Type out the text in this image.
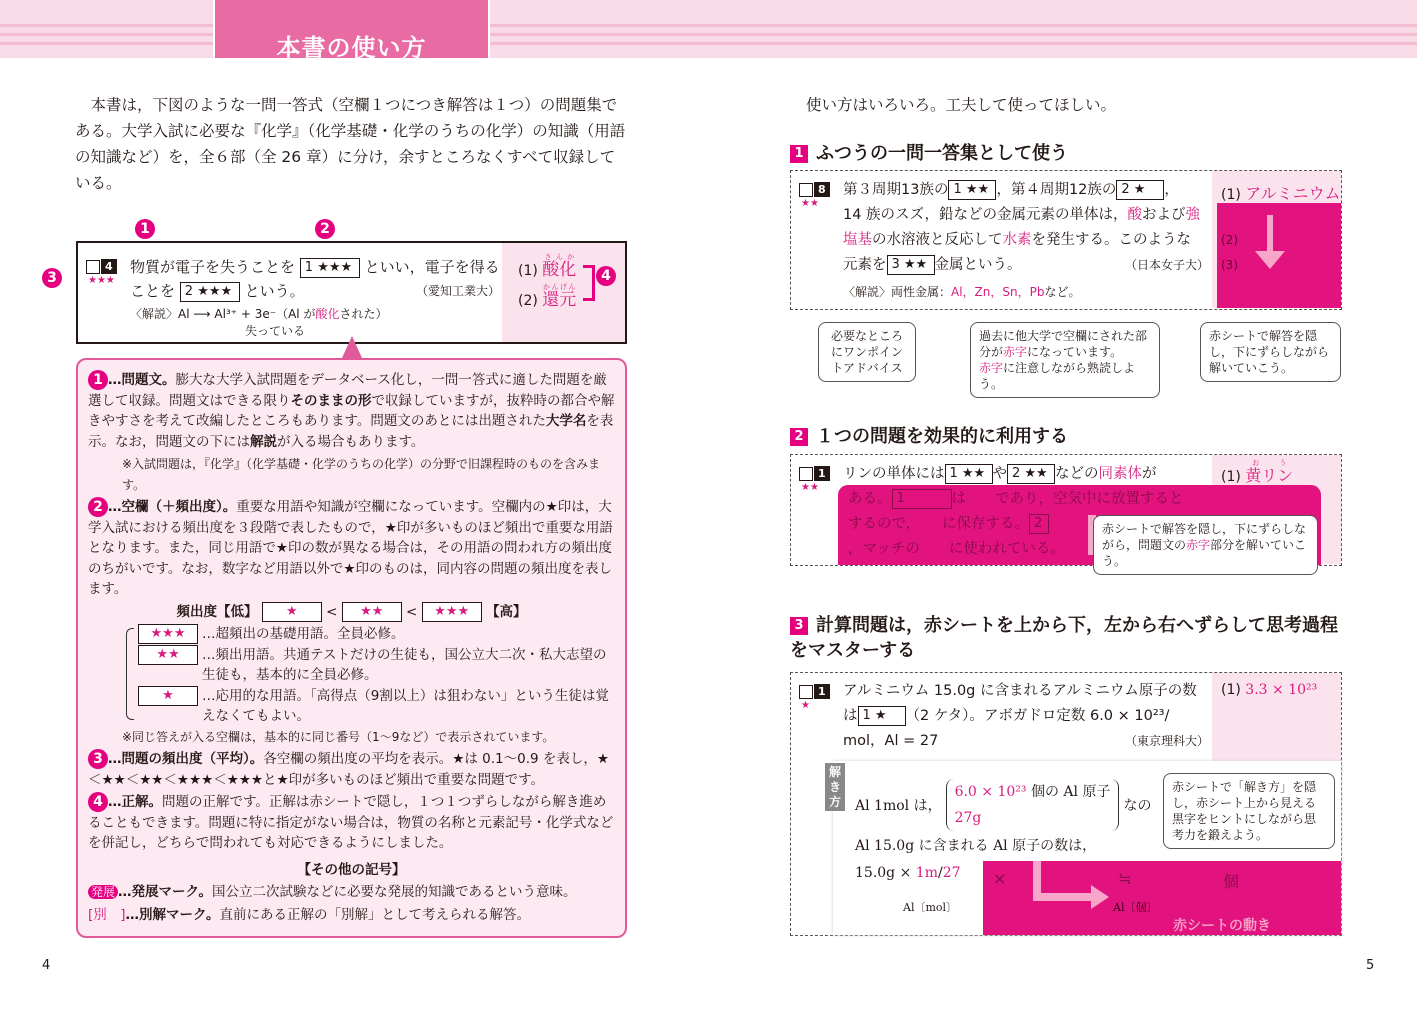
本書の使い方
本書は，下図のような一問一答式（空欄１つにつき解答は１つ）の問題集である。大学入試に必要な『化学』（化学基礎・化学のうちの化学）の知識（用語の知識など）を，全６部（全 26 章）に分け，余すところなくすべて収録している。
4
★★★
物質が電子を失うことを 1 ★★★ といい，電子を得る
ことを 2 ★★★ という。	（愛知工業大）
〈解説〉Al ⟶ Al³⁺ + 3e⁻（Al が酸化された）
失っている
(1) 酸化さんか
(2) 還元かんげん
1	2
3	4

1 …問題文。膨大な大学入試問題をデータベース化し，一問一答式に適した問題を厳選して収録。問題文はできる限りそのままの形で収録していますが，抜粋時の都合や解きやすさを考えて改編したところもあります。問題文のあとには出題された大学名を表示。なお，問題文の下には解説が入る場合もあります。

※入試問題は，『化学』（化学基礎・化学のうちの化学）の分野で旧課程時のものを含みます。

2 …空欄（＋頻出度）。重要な用語や知識が空欄になっています。空欄内の★印は，大学入試における頻出度を３段階で表したもので，★印が多いものほど頻出で重要な用語となります。また，同じ用語で★印の数が異なる場合は，その用語の問われ方の頻出度のちがいです。なお，数字など用語以外で★印のものは，同内容の問題の頻出度を表します。

頻出度【低】 ★ < ★★ < ★★★ 【高】

★★★	…超頻出の基礎用語。全員必修。
★★	…頻出用語。共通テストだけの生徒も，国公立大二次・私大志望の生徒も，基本的に全員必修。
★	…応用的な用語。「高得点（9割以上）は狙わない」という生徒は覚えなくてもよい。

※同じ答えが入る空欄は，基本的に同じ番号（1～9など）で表示されています。

3 …問題の頻出度（平均）。各空欄の頻出度の平均を表示。★は 0.1～0.9 を表し，★＜★★＜★★＜★★★＜★★★と★印が多いものほど頻出で重要な問題です。

4 …正解。問題の正解です。正解は赤シートで隠し，１つ１つずらしながら解き進めることもできます。問題に特に指定がない場合は，物質の名称と元素記号・化学式などを併記し，どちらで問われても対応できるようにしました。

【その他の記号】

発展 …発展マーク。国公立二次試験などに必要な発展的知識であるという意味。

[別　]…別解マーク。直前にある正解の「別解」として考えられる解答。

4
使い方はいろいろ。工夫して使ってほしい。
1 ふつうの一問一答集として使う
8
★★
第３周期13族の 1 ★★ ，第４周期12族の 2 ★ ，
14 族のスズ，鉛などの金属元素の単体は，酸および強
塩基の水溶液と反応して水素を発生する。このような
元素を 3 ★★ 金属という。	（日本女子大）
〈解説〉両性金属：Al，Zn，Sn，Pbなど。
(1) アルミニウム
(2)
(3)
必要なところにワンポイントアドバイス
過去に他大学で空欄にされた部分が赤字になっています。
赤字に注意しながら熟読しよう。
赤シートで解答を隠し，下にずらしながら解いていこう。
2 １つの問題を効果的に利用する
1
★★
リンの単体には 1 ★★ や 2 ★★ などの同素体が	(1) 黄リンおう
ある。 1	は　　であり，空気中に放置すると
するので，　　に保存する。 2
，マッチの　　に使われている。
赤シートで解答を隠し，下にずらしながら，問題文の赤字部分を解いていこう。
3 計算問題は，赤シートを上から下，左から右へずらして思考過程をマスターする
1
★
アルミニウム 15.0g に含まれるアルミニウム原子の数
は 1 ★ （2 ケタ）。アボガドロ定数 6.0 × 10²³/
mol，Al = 27	（東京理科大）
(1) 3.3 × 10²³
解き方 Al 1mol は，
6.0 × 10²³ 個の Al 原子
27g
なの
Al 15.0g に含まれる Al 原子の数は，
15.0g × 1m/27 ×	≒	個
赤シートの動き
Al〔mol〕	Al〔個〕
赤シートで「解き方」を隠し，赤シート上から見える黒字をヒントにしながら思考力を鍛えよう。
5
